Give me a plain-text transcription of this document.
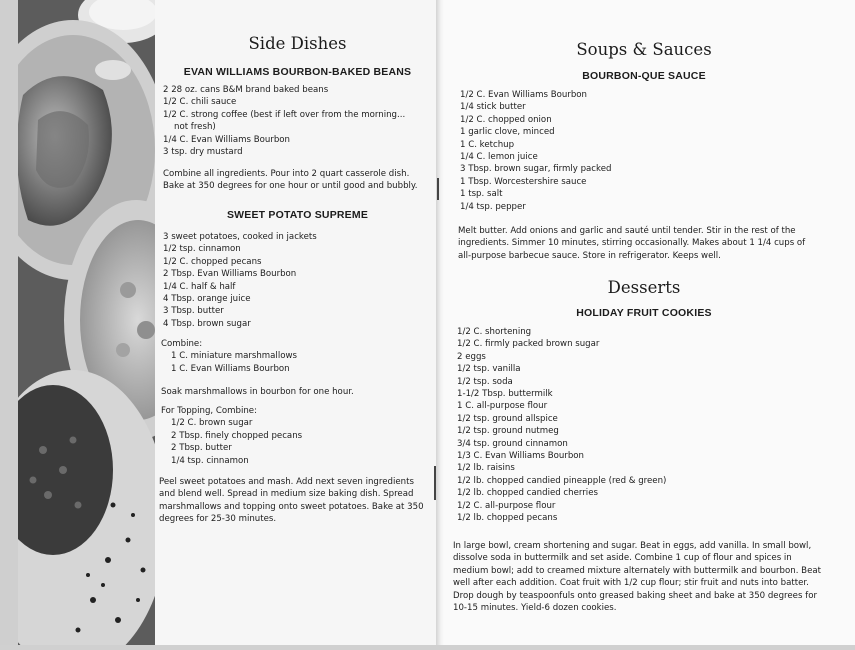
Side Dishes
EVAN WILLIAMS BOURBON-BAKED BEANS
2 28 oz. cans B&M brand baked beans
1/2 C. chili sauce
1/2 C. strong coffee (best if left over from the morning...
not fresh)
1/4 C. Evan Williams Bourbon
3 tsp. dry mustard
Combine all ingredients. Pour into 2 quart casserole dish.
Bake at 350 degrees for one hour or until good and bubbly.
SWEET POTATO SUPREME
3 sweet potatoes, cooked in jackets
1/2 tsp. cinnamon
1/2 C. chopped pecans
2 Tbsp. Evan Williams Bourbon
1/4 C. half & half
4 Tbsp. orange juice
3 Tbsp. butter
4 Tbsp. brown sugar
Combine:
1 C. miniature marshmallows
1 C. Evan Williams Bourbon
Soak marshmallows in bourbon for one hour.
For Topping, Combine:
1/2 C. brown sugar
2 Tbsp. finely chopped pecans
2 Tbsp. butter
1/4 tsp. cinnamon
Peel sweet potatoes and mash. Add next seven ingredients
and blend well. Spread in medium size baking dish. Spread
marshmallows and topping onto sweet potatoes. Bake at 350
degrees for 25-30 minutes.
Soups & Sauces
BOURBON-QUE SAUCE
1/2 C. Evan Williams Bourbon
1/4 stick butter
1/2 C. chopped onion
1 garlic clove, minced
1 C. ketchup
1/4 C. lemon juice
3 Tbsp. brown sugar, firmly packed
1 Tbsp. Worcestershire sauce
1 tsp. salt
1/4 tsp. pepper
Melt butter. Add onions and garlic and sauté until tender. Stir in the rest of the
ingredients. Simmer 10 minutes, stirring occasionally. Makes about 1 1/4 cups of
all-purpose barbecue sauce. Store in refrigerator. Keeps well.
Desserts
HOLIDAY FRUIT COOKIES
1/2 C. shortening
1/2 C. firmly packed brown sugar
2 eggs
1/2 tsp. vanilla
1/2 tsp. soda
1-1/2 Tbsp. buttermilk
1 C. all-purpose flour
1/2 tsp. ground allspice
1/2 tsp. ground nutmeg
3/4 tsp. ground cinnamon
1/3 C. Evan Williams Bourbon
1/2 lb. raisins
1/2 lb. chopped candied pineapple (red & green)
1/2 lb. chopped candied cherries
1/2 C. all-purpose flour
1/2 lb. chopped pecans
In large bowl, cream shortening and sugar. Beat in eggs, add vanilla. In small bowl,
dissolve soda in buttermilk and set aside. Combine 1 cup of flour and spices in
medium bowl; add to creamed mixture alternately with buttermilk and bourbon. Beat
well after each addition. Coat fruit with 1/2 cup flour; stir fruit and nuts into batter.
Drop dough by teaspoonfuls onto greased baking sheet and bake at 350 degrees for
10-15 minutes. Yield-6 dozen cookies.
